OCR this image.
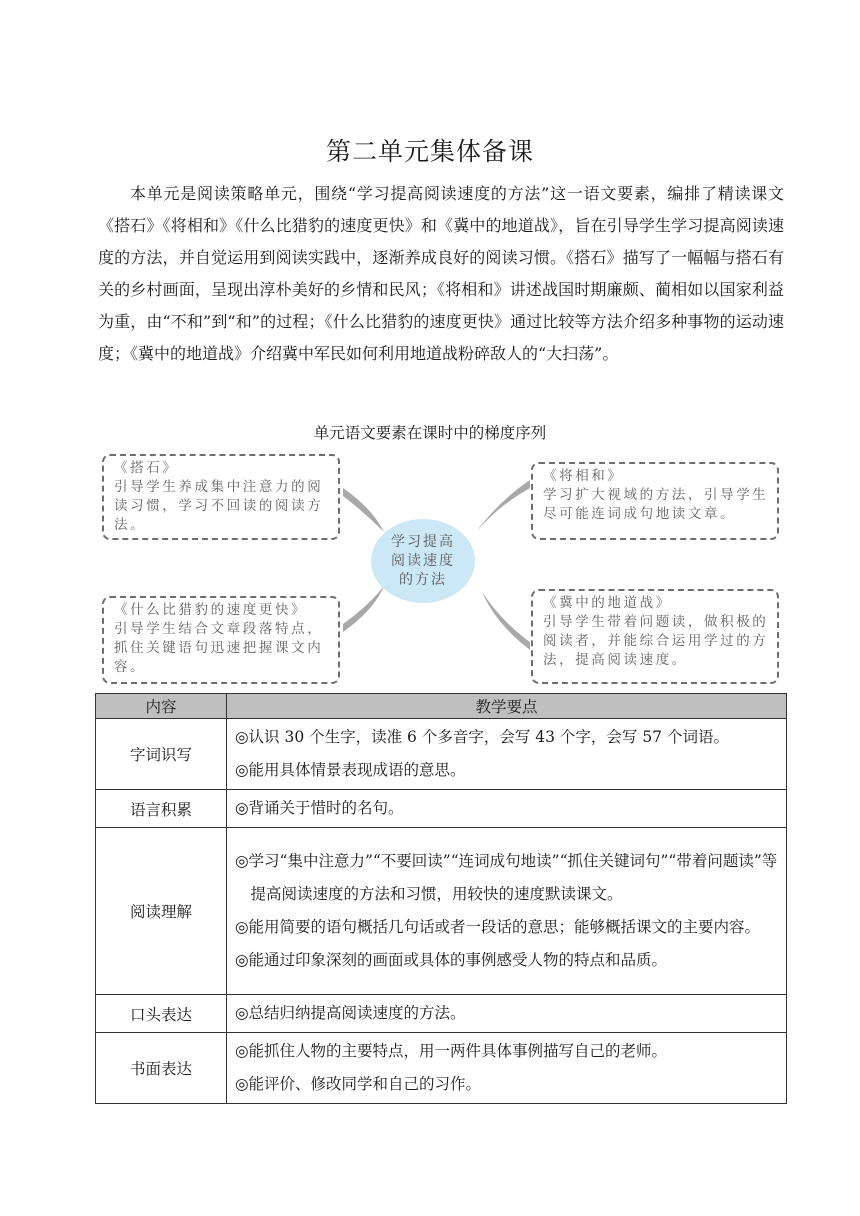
第二单元集体备课

本单元是阅读策略单元，围绕“学习提高阅读速度的方法”这一语文要素，编排了精读课文《搭石》《将相和》《什么比猎豹的速度更快》和《冀中的地道战》，旨在引导学生学习提高阅读速度的方法，并自觉运用到阅读实践中，逐渐养成良好的阅读习惯。《搭石》描写了一幅幅与搭石有关的乡村画面，呈现出淳朴美好的乡情和民风；《将相和》讲述战国时期廉颇、蔺相如以国家利益为重，由“不和”到“和”的过程；《什么比猎豹的速度更快》通过比较等方法介绍多种事物的运动速度；《冀中的地道战》介绍冀中军民如何利用地道战粉碎敌人的“大扫荡”。

单元语文要素在课时中的梯度序列
《搭石》
引导学生养成集中注意力的阅读习惯，学习不回读的阅读方法。
《将相和》
学习扩大视域的方法，引导学生尽可能连词成句地读文章。
《什么比猎豹的速度更快》
引导学生结合文章段落特点，抓住关键语句迅速把握课文内容。
《冀中的地道战》
引导学生带着问题读，做积极的阅读者，并能综合运用学过的方法，提高阅读速度。
学习提高阅读速度的方法
内容	教学要点
字词识写	◎认识 30 个生字，读准 6 个多音字，会写 43 个字，会写 57 个词语。
◎能用具体情景表现成语的意思。

语言积累	◎背诵关于惜时的名句。

阅读理解	◎学习“集中注意力”“不要回读”“连词成句地读”“抓住关键词句”“带着问题读”等提高阅读速度的方法和习惯，用较快的速度默读课文。
◎能用简要的语句概括几句话或者一段话的意思；能够概括课文的主要内容。
◎能通过印象深刻的画面或具体的事例感受人物的特点和品质。

口头表达	◎总结归纳提高阅读速度的方法。

书面表达	◎能抓住人物的主要特点，用一两件具体事例描写自己的老师。
◎能评价、修改同学和自己的习作。
